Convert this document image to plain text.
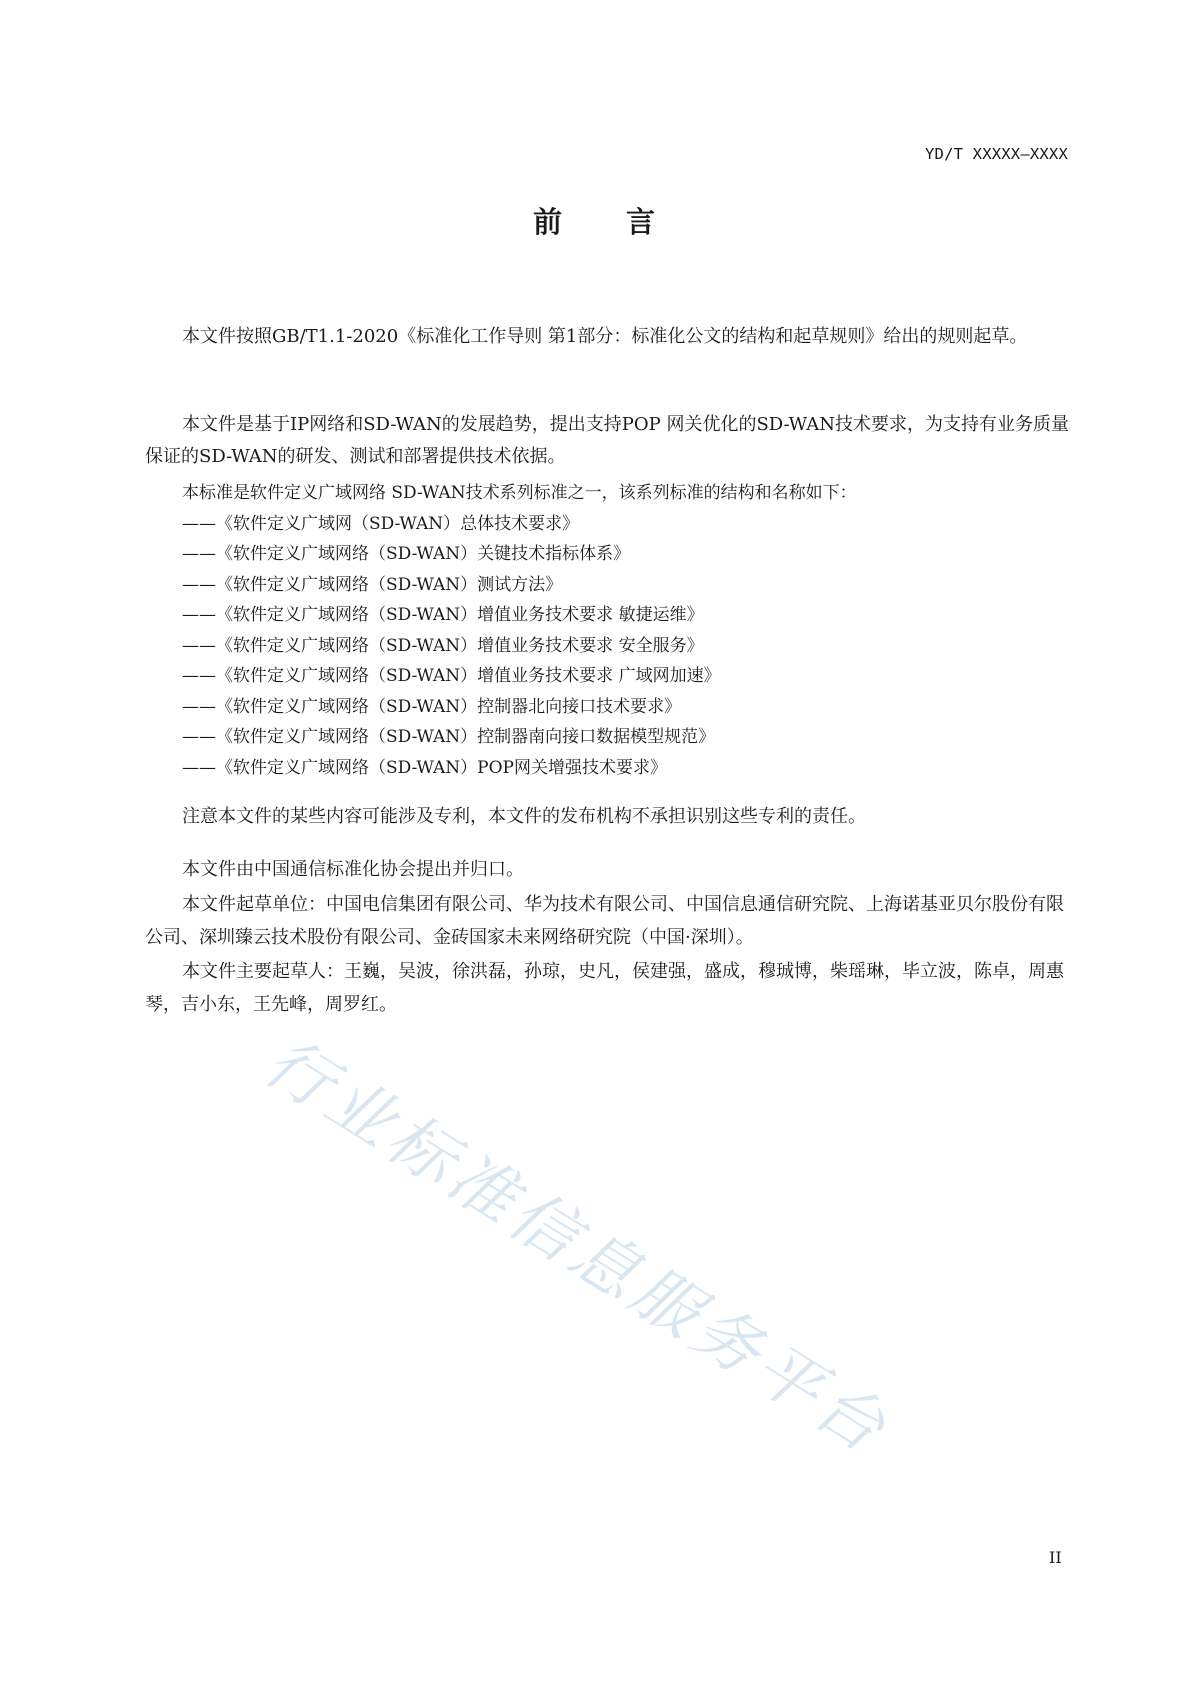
YD/T XXXXX—XXXX
前 言

本文件按照GB/T1.1-2020《标准化工作导则 第1部分：标准化公文的结构和起草规则》给出的规则起草。

本文件是基于IP网络和SD-WAN的发展趋势，提出支持POP 网关优化的SD-WAN技术要求，为支持有业务质量保证的SD-WAN的研发、测试和部署提供技术依据。

本标准是软件定义广域网络 SD-WAN技术系列标准之一，该系列标准的结构和名称如下：
——《软件定义广域网（SD-WAN）总体技术要求》
——《软件定义广域网络（SD-WAN）关键技术指标体系》
——《软件定义广域网络（SD-WAN）测试方法》
——《软件定义广域网络（SD-WAN）增值业务技术要求 敏捷运维》
——《软件定义广域网络（SD-WAN）增值业务技术要求 安全服务》
——《软件定义广域网络（SD-WAN）增值业务技术要求 广域网加速》
——《软件定义广域网络（SD-WAN）控制器北向接口技术要求》
——《软件定义广域网络（SD-WAN）控制器南向接口数据模型规范》
——《软件定义广域网络（SD-WAN）POP网关增强技术要求》

注意本文件的某些内容可能涉及专利，本文件的发布机构不承担识别这些专利的责任。

本文件由中国通信标准化协会提出并归口。

本文件起草单位：中国电信集团有限公司、华为技术有限公司、中国信息通信研究院、上海诺基亚贝尔股份有限公司、深圳臻云技术股份有限公司、金砖国家未来网络研究院（中国·深圳）。

本文件主要起草人：王巍，吴波，徐洪磊，孙琼，史凡，侯建强，盛成，穆珹博，柴瑶琳，毕立波，陈卓，周惠琴，吉小东，王先峰，周罗红。

行业标准信息服务平台
II
